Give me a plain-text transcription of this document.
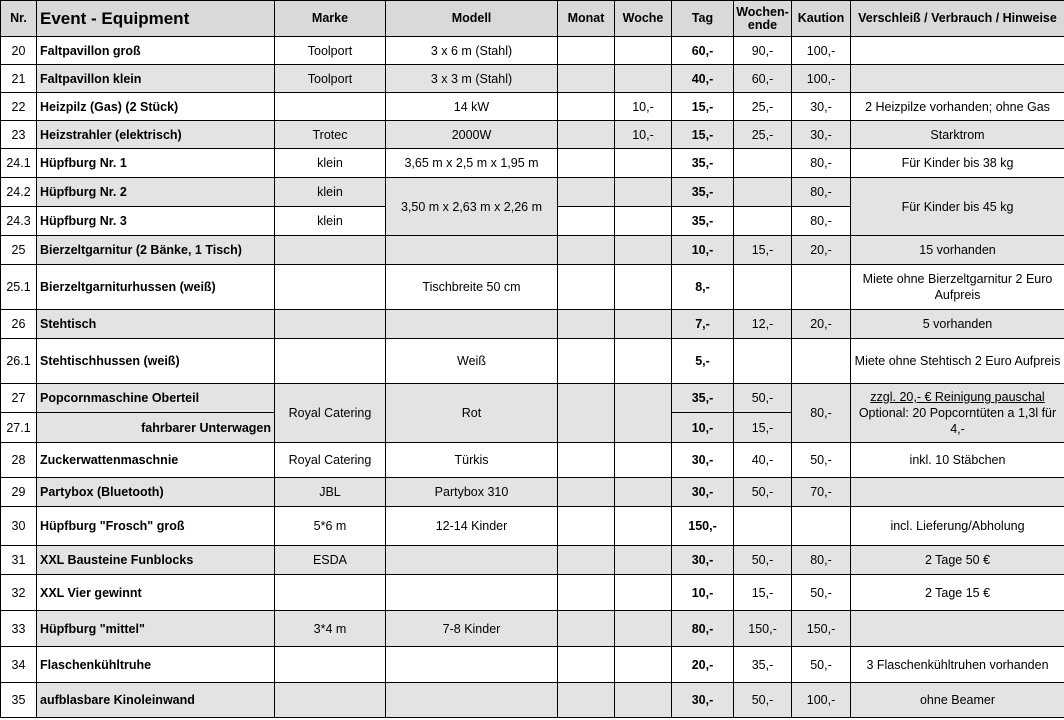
Nr.	Event - Equipment	Marke	Modell	Monat	Woche	Tag	Wochen-ende	Kaution	Verschleiß / Verbrauch / Hinweise
20	Faltpavillon groß	Toolport	3 x 6 m (Stahl)			60,-	90,-	100,-	
21	Faltpavillon klein	Toolport	3 x 3 m (Stahl)			40,-	60,-	100,-	
22	Heizpilz (Gas) (2 Stück)		14 kW		10,-	15,-	25,-	30,-	2 Heizpilze vorhanden; ohne Gas
23	Heizstrahler (elektrisch)	Trotec	2000W		10,-	15,-	25,-	30,-	Starktrom
24.1	Hüpfburg Nr. 1	klein	3,65 m x 2,5 m x 1,95 m			35,-		80,-	Für Kinder bis 38 kg
24.2	Hüpfburg Nr. 2	klein	3,50 m x 2,63 m x 2,26 m			35,-		80,-	Für Kinder bis 45 kg
24.3	Hüpfburg Nr. 3	klein				35,-		80,-	
25	Bierzeltgarnitur (2 Bänke, 1 Tisch)					10,-	15,-	20,-	15 vorhanden
25.1	Bierzeltgarniturhussen (weiß)		Tischbreite 50 cm			8,-			Miete ohne Bierzeltgarnitur 2 Euro Aufpreis
26	Stehtisch					7,-	12,-	20,-	5 vorhanden
26.1	Stehtischhussen (weiß)		Weiß			5,-			Miete ohne Stehtisch 2 Euro Aufpreis
27	Popcornmaschine Oberteil	Royal Catering	Rot			35,-	50,-	80,-	zzgl. 20,- € Reinigung pauschal
Optional: 20 Popcorntüten a 1,3l für 4,-
27.1	fahrbarer Unterwagen					10,-	15,-		
28	Zuckerwattenmaschnie	Royal Catering	Türkis			30,-	40,-	50,-	inkl. 10 Stäbchen
29	Partybox (Bluetooth)	JBL	Partybox 310			30,-	50,-	70,-	
30	Hüpfburg "Frosch" groß	5*6 m	12-14 Kinder			150,-			incl. Lieferung/Abholung
31	XXL Bausteine Funblocks	ESDA				30,-	50,-	80,-	2 Tage 50 €
32	XXL Vier gewinnt					10,-	15,-	50,-	2 Tage 15 €
33	Hüpfburg "mittel"	3*4 m	7-8 Kinder			80,-	150,-	150,-	
34	Flaschenkühltruhe					20,-	35,-	50,-	3 Flaschenkühltruhen vorhanden
35	aufblasbare Kinoleinwand					30,-	50,-	100,-	ohne Beamer
